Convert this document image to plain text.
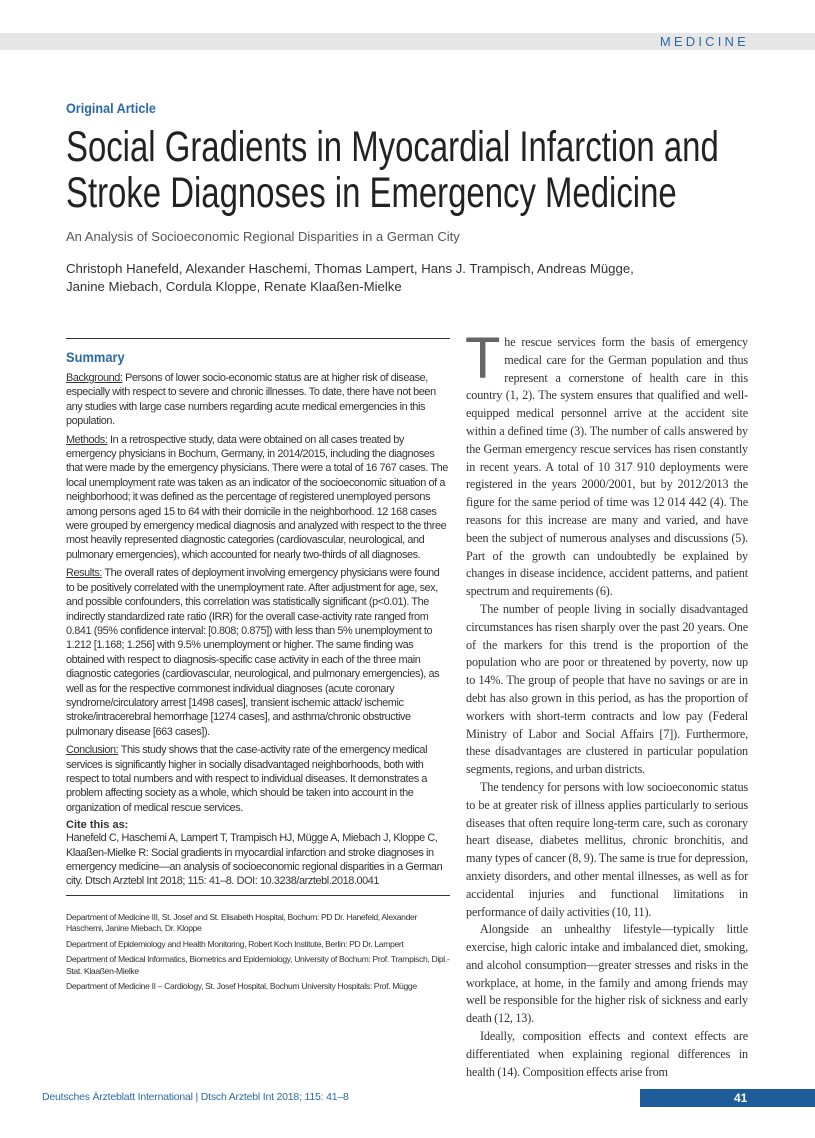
MEDICINE
Original Article
Social Gradients in Myocardial Infarction and
Stroke Diagnoses in Emergency Medicine
An Analysis of Socioeconomic Regional Disparities in a German City
Christoph Hanefeld, Alexander Haschemi, Thomas Lampert, Hans J. Trampisch, Andreas Mügge,
Janine Miebach, Cordula Kloppe, Renate Klaaßen-Mielke
Summary

Background: Persons of lower socio-economic status are at higher risk of disease, especially with respect to severe and chronic illnesses. To date, there have not been any studies with large case numbers regarding acute medical emergencies in this population.

Methods: In a retrospective study, data were obtained on all cases treated by emergency physicians in Bochum, Germany, in 2014/2015, including the diagnoses that were made by the emergency physicians. There were a total of 16 767 cases. The local unemployment rate was taken as an indicator of the socioeconomic situation of a neighborhood; it was defined as the percentage of registered unemployed persons among persons aged 15 to 64 with their domicile in the neighborhood. 12 168 cases were grouped by emergency medical diagnosis and analyzed with respect to the three most heavily represented diagnostic categories (cardiovascular, neurological, and pulmonary emergencies), which accounted for nearly two-thirds of all diagnoses.

Results: The overall rates of deployment involving emergency physicians were found to be positively correlated with the unemployment rate. After adjustment for age, sex, and possible confounders, this correlation was statistically significant (p<0.01). The indirectly standardized rate ratio (IRR) for the overall case-activity rate ranged from 0.841 (95% confidence interval: [0.808; 0.875]) with less than 5% unemployment to 1.212 [1.168; 1.256] with 9.5% unemployment or higher. The same finding was obtained with respect to diagnosis-specific case activity in each of the three main diagnostic categories (cardiovascular, neurological, and pulmonary emergencies), as well as for the respective commonest individual diagnoses (acute coronary syndrome/circulatory arrest [1498 cases], transient ischemic attack/ ischemic stroke/intracerebral hemorrhage [1274 cases], and asthma/chronic obstructive pulmonary disease [663 cases]).

Conclusion: This study shows that the case-activity rate of the emergency medical services is significantly higher in socially disadvantaged neighborhoods, both with respect to total numbers and with respect to individual diseases. It demonstrates a problem affecting society as a whole, which should be taken into account in the organization of medical rescue services.

Cite this as:

Hanefeld C, Haschemi A, Lampert T, Trampisch HJ, Mügge A, Miebach J, Kloppe C, Klaaßen-Mielke R: Social gradients in myocardial infarction and stroke diagnoses in emergency medicine—an analysis of socioeconomic regional disparities in a German city. Dtsch Arztebl Int 2018; 115: 41–8. DOI: 10.3238/arztebl.2018.0041

Department of Medicine III, St. Josef and St. Elisabeth Hospital, Bochum: PD Dr. Hanefeld, Alexander Haschemi, Janine Miebach, Dr. Kloppe

Department of Epidemiology and Health Monitoring, Robert Koch Institute, Berlin: PD Dr. Lampert

Department of Medical Informatics, Biometrics and Epidemiology, University of Bochum: Prof. Trampisch, Dipl.-Stat. Klaaßen-Mielke

Department of Medicine II – Cardiology, St. Josef Hospital, Bochum University Hospitals: Prof. Mügge

The rescue services form the basis of emergency medical care for the German population and thus represent a cornerstone of health care in this country (1, 2). The system ensures that qualified and well-equipped medical personnel arrive at the accident site within a defined time (3). The number of calls answered by the German emergency rescue services has risen constantly in recent years. A total of 10 317 910 deployments were registered in the years 2000/2001, but by 2012/2013 the figure for the same period of time was 12 014 442 (4). The reasons for this increase are many and varied, and have been the subject of numerous analyses and discussions (5). Part of the growth can undoubtedly be explained by changes in disease incidence, accident patterns, and patient spectrum and requirements (6).

The number of people living in socially disadvantaged circumstances has risen sharply over the past 20 years. One of the markers for this trend is the proportion of the population who are poor or threatened by poverty, now up to 14%. The group of people that have no savings or are in debt has also grown in this period, as has the proportion of workers with short-term contracts and low pay (Federal Ministry of Labor and Social Affairs [7]). Furthermore, these disadvantages are clustered in particular population segments, regions, and urban districts.

The tendency for persons with low socioeconomic status to be at greater risk of illness applies particularly to serious diseases that often require long-term care, such as coronary heart disease, diabetes mellitus, chronic bronchitis, and many types of cancer (8, 9). The same is true for depression, anxiety disorders, and other mental illnesses, as well as for accidental injuries and functional limitations in performance of daily activities (10, 11).

Alongside an unhealthy lifestyle—typically little exercise, high caloric intake and imbalanced diet, smoking, and alcohol consumption—greater stresses and risks in the workplace, at home, in the family and among friends may well be responsible for the higher risk of sickness and early death (12, 13).

Ideally, composition effects and context effects are differentiated when explaining regional differences in health (14). Composition effects arise from

Deutsches Ärzteblatt International | Dtsch Arztebl Int 2018; 115: 41–8	41
